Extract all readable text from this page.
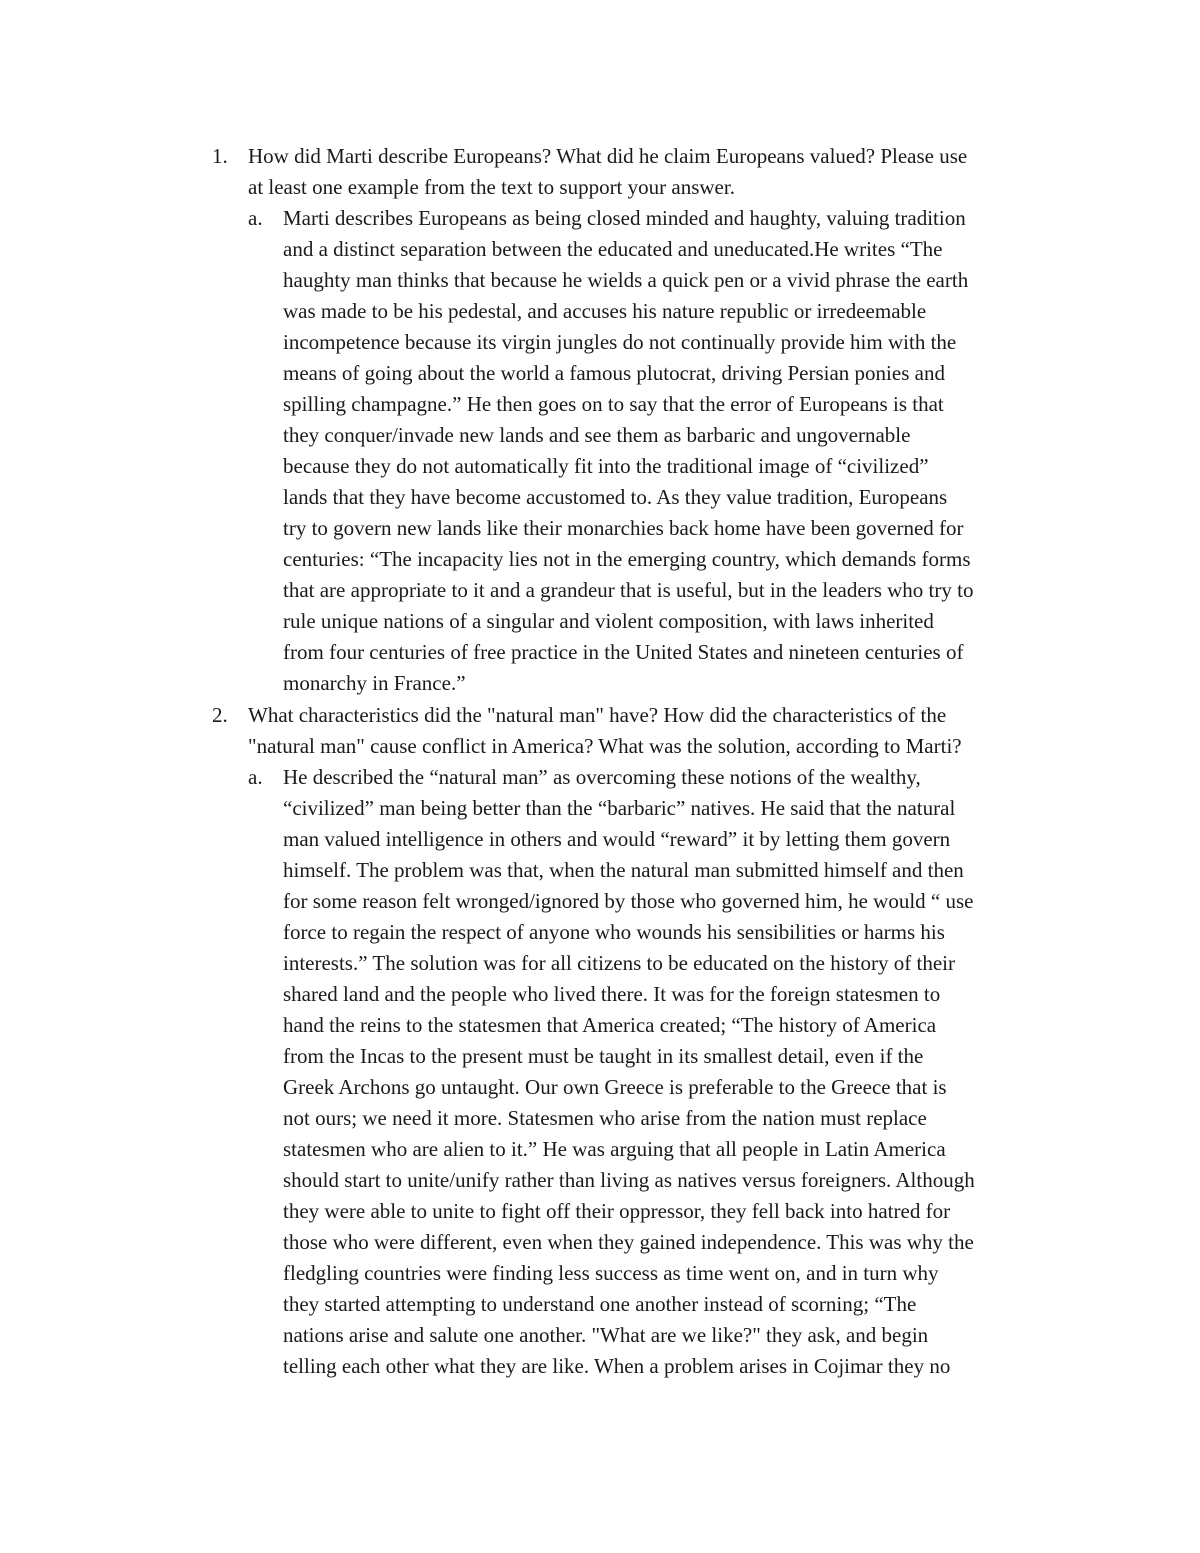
1. How did Marti describe Europeans? What did he claim Europeans valued? Please use
at least one example from the text to support your answer.
a. Marti describes Europeans as being closed minded and haughty, valuing tradition
and a distinct separation between the educated and uneducated.He writes “The
haughty man thinks that because he wields a quick pen or a vivid phrase the earth
was made to be his pedestal, and accuses his nature republic or irredeemable
incompetence because its virgin jungles do not continually provide him with the
means of going about the world a famous plutocrat, driving Persian ponies and
spilling champagne.” He then goes on to say that the error of Europeans is that
they conquer/invade new lands and see them as barbaric and ungovernable
because they do not automatically fit into the traditional image of “civilized”
lands that they have become accustomed to. As they value tradition, Europeans
try to govern new lands like their monarchies back home have been governed for
centuries: “The incapacity lies not in the emerging country, which demands forms
that are appropriate to it and a grandeur that is useful, but in the leaders who try to
rule unique nations of a singular and violent composition, with laws inherited
from four centuries of free practice in the United States and nineteen centuries of
monarchy in France.”
2. What characteristics did the "natural man" have? How did the characteristics of the
"natural man" cause conflict in America? What was the solution, according to Marti?
a. He described the “natural man” as overcoming these notions of the wealthy,
“civilized” man being better than the “barbaric” natives. He said that the natural
man valued intelligence in others and would “reward” it by letting them govern
himself. The problem was that, when the natural man submitted himself and then
for some reason felt wronged/ignored by those who governed him, he would “ use
force to regain the respect of anyone who wounds his sensibilities or harms his
interests.” The solution was for all citizens to be educated on the history of their
shared land and the people who lived there. It was for the foreign statesmen to
hand the reins to the statesmen that America created; “The history of America
from the Incas to the present must be taught in its smallest detail, even if the
Greek Archons go untaught. Our own Greece is preferable to the Greece that is
not ours; we need it more. Statesmen who arise from the nation must replace
statesmen who are alien to it.” He was arguing that all people in Latin America
should start to unite/unify rather than living as natives versus foreigners. Although
they were able to unite to fight off their oppressor, they fell back into hatred for
those who were different, even when they gained independence. This was why the
fledgling countries were finding less success as time went on, and in turn why
they started attempting to understand one another instead of scorning; “The
nations arise and salute one another. "What are we like?" they ask, and begin
telling each other what they are like. When a problem arises in Cojimar they no
